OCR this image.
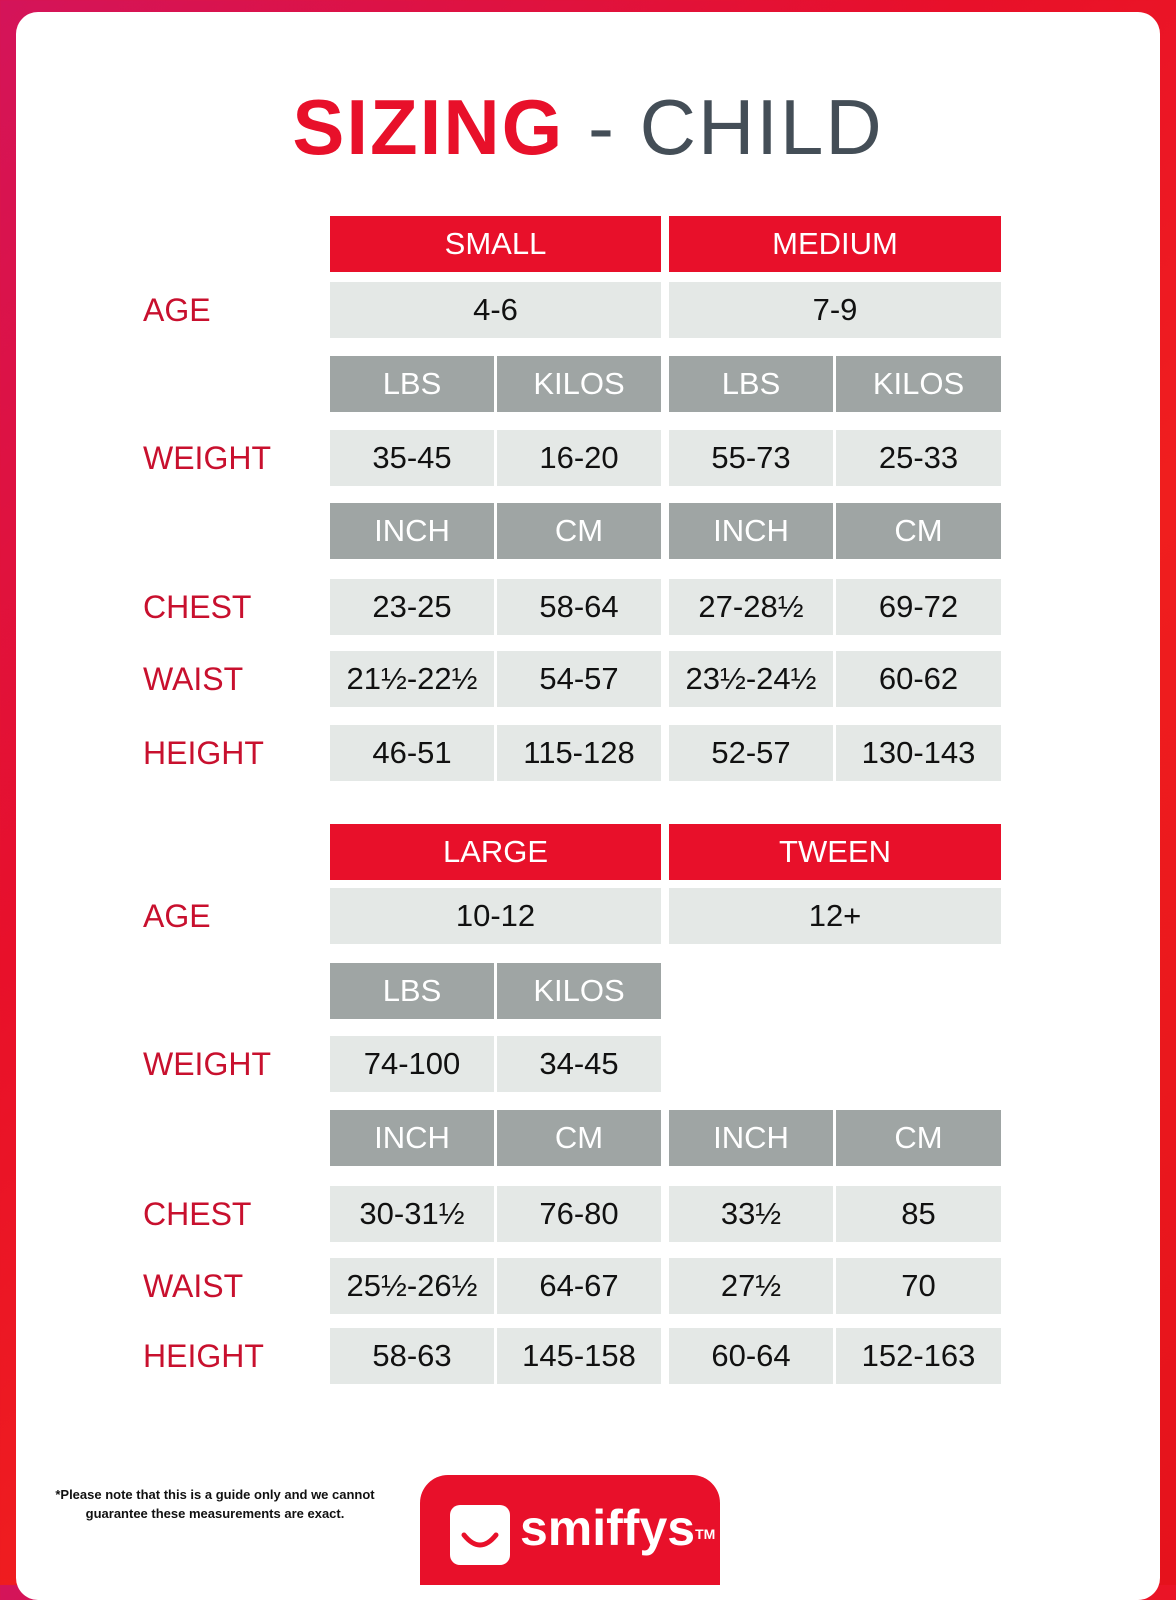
SIZING - CHILD
SMALL	MEDIUM
AGE	4-6	7-9
LBS	KILOS	LBS	KILOS
WEIGHT	35-45	16-20	55-73	25-33
INCH	CM	INCH	CM
CHEST	23-25	58-64	27-28½	69-72
WAIST	21½-22½	54-57	23½-24½	60-62
HEIGHT	46-51	115-128	52-57	130-143
LARGE	TWEEN
AGE	10-12	12+
LBS	KILOS
WEIGHT	74-100	34-45
INCH	CM	INCH	CM
CHEST	30-31½	76-80	33½	85
WAIST	25½-26½	64-67	27½	70
HEIGHT	58-63	145-158	60-64	152-163
*Please note that this is a guide only and we cannot
guarantee these measurements are exact.	smiffys™
